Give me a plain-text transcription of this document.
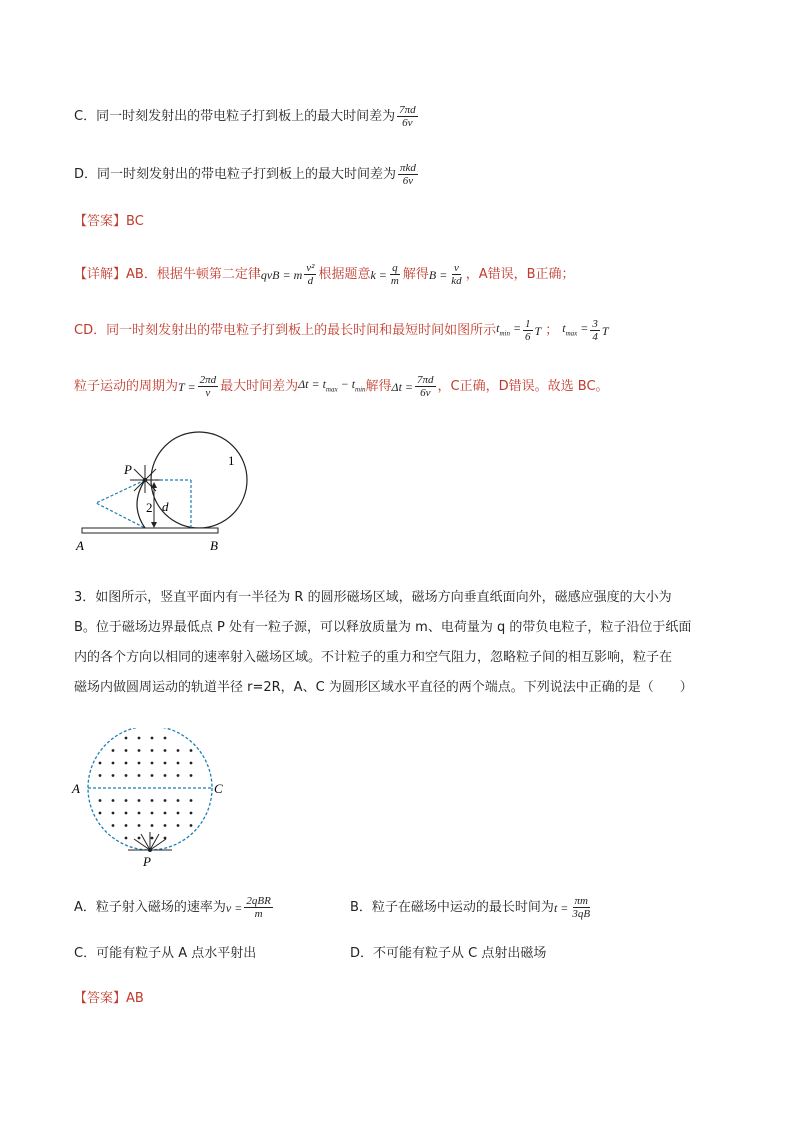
C． 同一时刻发射出的带电粒子打到板上的最大时间差为 $\frac{7\pi d}{6v}$
D． 同一时刻发射出的带电粒子打到板上的最大时间差为 $\frac{\text{πkd}}{6v}$
【答案】 BC
【详解】 AB．根据牛顿第二定律 qvB = m $\frac{\text{v²}}{d}$ 根据题意 $k = \frac{q}{m}$ 解得 $B = \frac{v}{kd}$ ，A错误，B正确；
CD．同一时刻发射出的带电粒子打到板上的最长时间和最短时间如图所示 $t_{min} = \frac{1}{6}$ T ； $t_{max} = \frac{3}{4}$ T
粒子运动的周期为 $T = \frac{2\pi d}{v}$ 最大时间差为 $\Delta t = t_{max} - t_{min}$ 解得 $\Delta t = \frac{7\pi d}{6v}$ ，C正确，D错误。故选 BC。
P
1
2 d
A	B
3．如图所示，竖直平面内有一半径为 R 的圆形磁场区域，磁场方向垂直纸面向外，磁感应强度的大小为
B。位于磁场边界最低点 P 处有一粒子源，可以释放质量为 m、电荷量为 q 的带负电粒子，粒子沿位于纸面
内的各个方向以相同的速率射入磁场区域。不计粒子的重力和空气阻力，忽略粒子间的相互影响，粒子在
磁场内做圆周运动的轨道半径 r=2R，A、C 为圆形区域水平直径的两个端点。下列说法中正确的是（　　）
A	C
P
A． 粒子射入磁场的速率为 $v = \frac{\text{2qBR}}{m}$	B． 粒子在磁场中运动的最长时间为 $t = \frac{\pi m}{3qB}$
C． 可能有粒子从 A 点水平射出	D． 不可能有粒子从 C 点射出磁场
【答案】 AB
